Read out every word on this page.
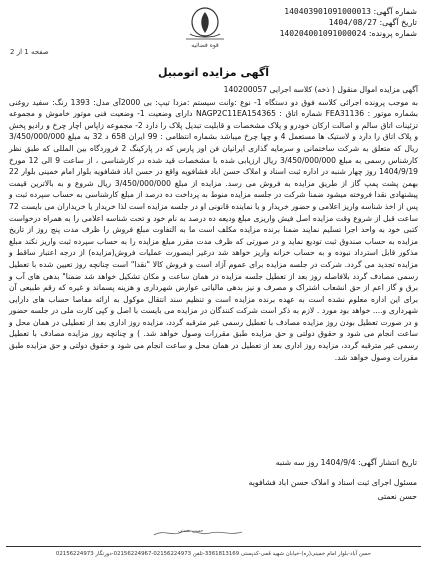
قوه قضائیه
شماره آگهی: 140403901091000013
تاریخ آگهی: 1404/08/27
شماره پرونده: 140204001091000024
صفحه 1 از 2
آگهی مزایده اتومبیل

آگهی مزایده اموال منقول ( ذخه) کلاسه اجرایی 140200057

به موجب پرونده اجرائی کلاسه فوق دو دستگاه 1- نوع :وانت سیستم :مزدا تیپ: بی 2000آی مدل: 1393 رنگ: سفید روغنی بشماره موتور : FEA31136 شماره اتاق : NAGP2C11EA154365 دارای وضعیت 1- وضعیت فنی موتور خاموش و مجموعه تزئینات اتاق سالم و اصالت ارکان خودرو و پلاک مشخصات و قابلیت تبدیل پلاک را دارد 2- مجموعه زاپاس اچار چرخ و رادیو پخش و پلاک اتاق را دارد و لاستیک ها مستعمل 4 و چها چرخ میباشد بشماره انتظامی : 99 ایران 658 د 32 به مبلغ 3/450/000/000 ریال که متعلق به شرکت ساختمانی و سرمایه گذاری ایرانیان فن اور پارس که در پارکینگ 2 فروردگاه بین المللی که طبق نظر کارشناس رسمی به مبلغ 3/450/000/000 ریال ارزیابی شده با مشخصات قید شده در کارشناسی ، از ساعت 9 الی 12 مورخ 1404/9/19 روز چهار شنبه در اداره ثبت اسناد و املاک حسن اباد فشافویه واقع در حسن اباد فشافویه بلوار امام خمینی بلوار 22 بهمن پشت پمپ گاز از طریق مزایده به فروش می رسد. مزایده از مبلغ 3/450/000/000 ریال شروع و به بالاترین قیمت پیشنهادی نقدا فروخته میشود ضمنا شرکت در جلسه مزایده منوط به پرداخت ده درصد از مبلغ کارشناسی به حساب سپرده ثبت و پس از اخذ شناسه واریز اعلامی و حضور خریدار و یا نماینده قانونی او در جلسه مزایده است لذا خریدار یا خریداران می بایست 72 ساعت قبل از شروع وقت مزایده اصل فیش واریزی مبلغ ودیعه ده درصد به نام خود و تحت شناسه اعلامی را به همراه درخواست کتبی خود به واحد اجرا تسلیم نمایند ضمنا برنده مزایده مکلف است ما به التفاوت مبلغ فروش را ظرف مدت پنج روز از تاریخ مزایده به حساب صندوق ثبت تودیع نماید و در صورتی که ظرف مدت مقرر مبلغ مزایده را به حساب سپرده ثبت واریز نکند مبلغ مذکور قابل استرداد نبوده و به حساب خزانه واریز خواهد شد درغیر اینصورت عملیات فروش(مزایده) از درجه اعتبار ساقط و مزایده تجدید می گردد. شرکت در جلسه مزایده برای عموم آزاد است و فروش کالا "نقدا" است چنانچه روز تعیین شده با تعطیل رسمی مصادف گردد بلافاصله روز بعد از تعطیل جلسه مزایده در همان ساعت و مکان تشکیل خواهد شد ضمنا" بدهی های آب و برق و گاز اعم از حق انشعاب اشتراک و مصرف و نیز بدهی مالیاتی عوارض شهرداری و هزینه پسماند و غیره که رقم طبیعی آن برای این اداره معلوم نشده است به عهده برنده مزایده است و تنظیم سند انتقال موکول به ارائه مفاصا حساب های دارایی شهرداری و.... خواهد بود مورد . لازم به ذکر است شرکت کنندگان در مزایده می بایست با اصل و کپی کارت ملی در جلسه حضور و در صورت تعطیل بودن روز مزایده مصادف با تعطیل رسمی غیر مترقبه گردد، مزایده روز اداری بعد از تعطیلی در همان محل و ساعت انجام می شود و حقوق دولتی و حق مزایده طبق مقررات وصول خواهد شد. ) و چنانچه روز مزایده مصادف با تعطیل رسمی غیر مترقبه گردد، مزایده روز اداری بعد از تعطیل در همان محل و ساعت انجام می شود و حقوق دولتی و حق مزایده طبق مقررات وصول خواهد شد.

تاریخ انتشار آگهی: 1404/9/4 روز سه شنبه
مسئول اجرای ثبت اسناد و املاک حسن اباد فشافویه
حسن نعمتی
حسن نعمتی
حسن آباد-بلوار امام خمینی(ره)-خیابان شهید قمی-کدپستی 3361813169-تلفن 02156224973-02156224967-دورنگار 02156224973
